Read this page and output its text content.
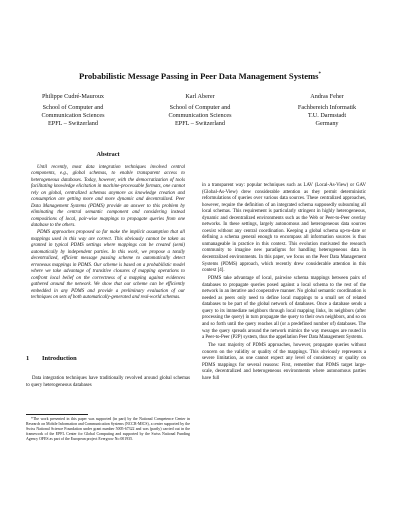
Probabilistic Message Passing in Peer Data Management Systems*
Philippe Cudré-Mauroux
School of Computer and
Communication Sciences
EPFL – Switzerland
Karl Aberer
School of Computer and
Communication Sciences
EPFL – Switzerland
Andras Feher
Fachbereich Informatik
T.U. Darmstadt
Germany
Abstract

Until recently, most data integration techniques involved central components, e.g., global schemas, to enable transparent access to heterogeneous databases. Today, however, with the democratization of tools facilitating knowledge elicitation in machine-processable formats, one cannot rely on global, centralized schemas anymore as knowledge creation and consumption are getting more and more dynamic and decentralized. Peer Data Management Systems (PDMS) provide an answer to this problem by eliminating the central semantic component and considering instead compositions of local, pair-wise mappings to propagate queries from one database to the others.

PDMS approaches proposed so far make the implicit assumption that all mappings used in this way are correct. This obviously cannot be taken as granted in typical PDMS settings where mappings can be created (semi) automatically by independent parties. In this work, we propose a totally decentralized, efficient message passing scheme to automatically detect erroneous mappings in PDMS. Our scheme is based on a probabilistic model where we take advantage of transitive closures of mapping operations to confront local belief on the correctness of a mapping against evidences gathered around the network. We show that our scheme can be efficiently embedded in any PDMS and provide a preliminary evaluation of our techniques on sets of both automatically-generated and real-world schemas.

1 Introduction

Data integration techniques have traditionally revolved around global schemas to query heterogeneous databases

*The work presented in this paper was supported (in part) by the National Competence Center in Research on Mobile Information and Communication Systems (NCCR-MICS), a center supported by the Swiss National Science Foundation under grant number 5005-67322 and was (partly) carried out in the framework of the EPFL Center for Global Computing and supported by the Swiss National Funding Agency OFES as part of the European project Evergrow No 001935.

in a transparent way: popular techniques such as LAV (Local-As-View) or GAV (Global-As-View) drew considerable attention as they permit deterministic reformulations of queries over various data sources. These centralized approaches, however, require the definition of an integrated schema supposedly subsuming all local schemas. This requirement is particularly stringent in highly heterogeneous, dynamic and decentralized environments such as the Web or Peer-to-Peer overlay networks. In these settings, largely autonomous and heterogeneous data sources coexist without any central coordination. Keeping a global schema up-to-date or defining a schema general enough to encompass all information sources is thus unmanageable in practice in this context. This evolution motivated the research community to imagine new paradigms for handling heterogeneous data in decentralized environments. In this paper, we focus on the Peer Data Management Systems (PDMS) approach, which recently drew considerable attention in this context [4].

PDMS take advantage of local, pairwise schema mappings between pairs of databases to propagate queries posed against a local schema to the rest of the network in an iterative and cooperative manner. No global semantic coordination is needed as peers only need to define local mappings to a small set of related databases to be part of the global network of databases. Once a database sends a query to its immediate neighbors through local mapping links, its neighbors (after processing the query) in turn propagate the query to their own neighbors, and so on and so forth until the query reaches all (or a predefined number of) databases. The way the query spreads around the network mimics the way messages are routed in a Peer-to-Peer (P2P) system, thus the appellation Peer Data Management Systems.

The vast majority of PDMS approaches, however, propagate queries without concern on the validity or quality of the mappings. This obviously represents a severe limitation, as one cannot expect any level of consistency or quality on PDMS mappings for several reasons: First, remember that PDMS target large-scale, decentralized and heterogeneous environments where autonomous parties have full
